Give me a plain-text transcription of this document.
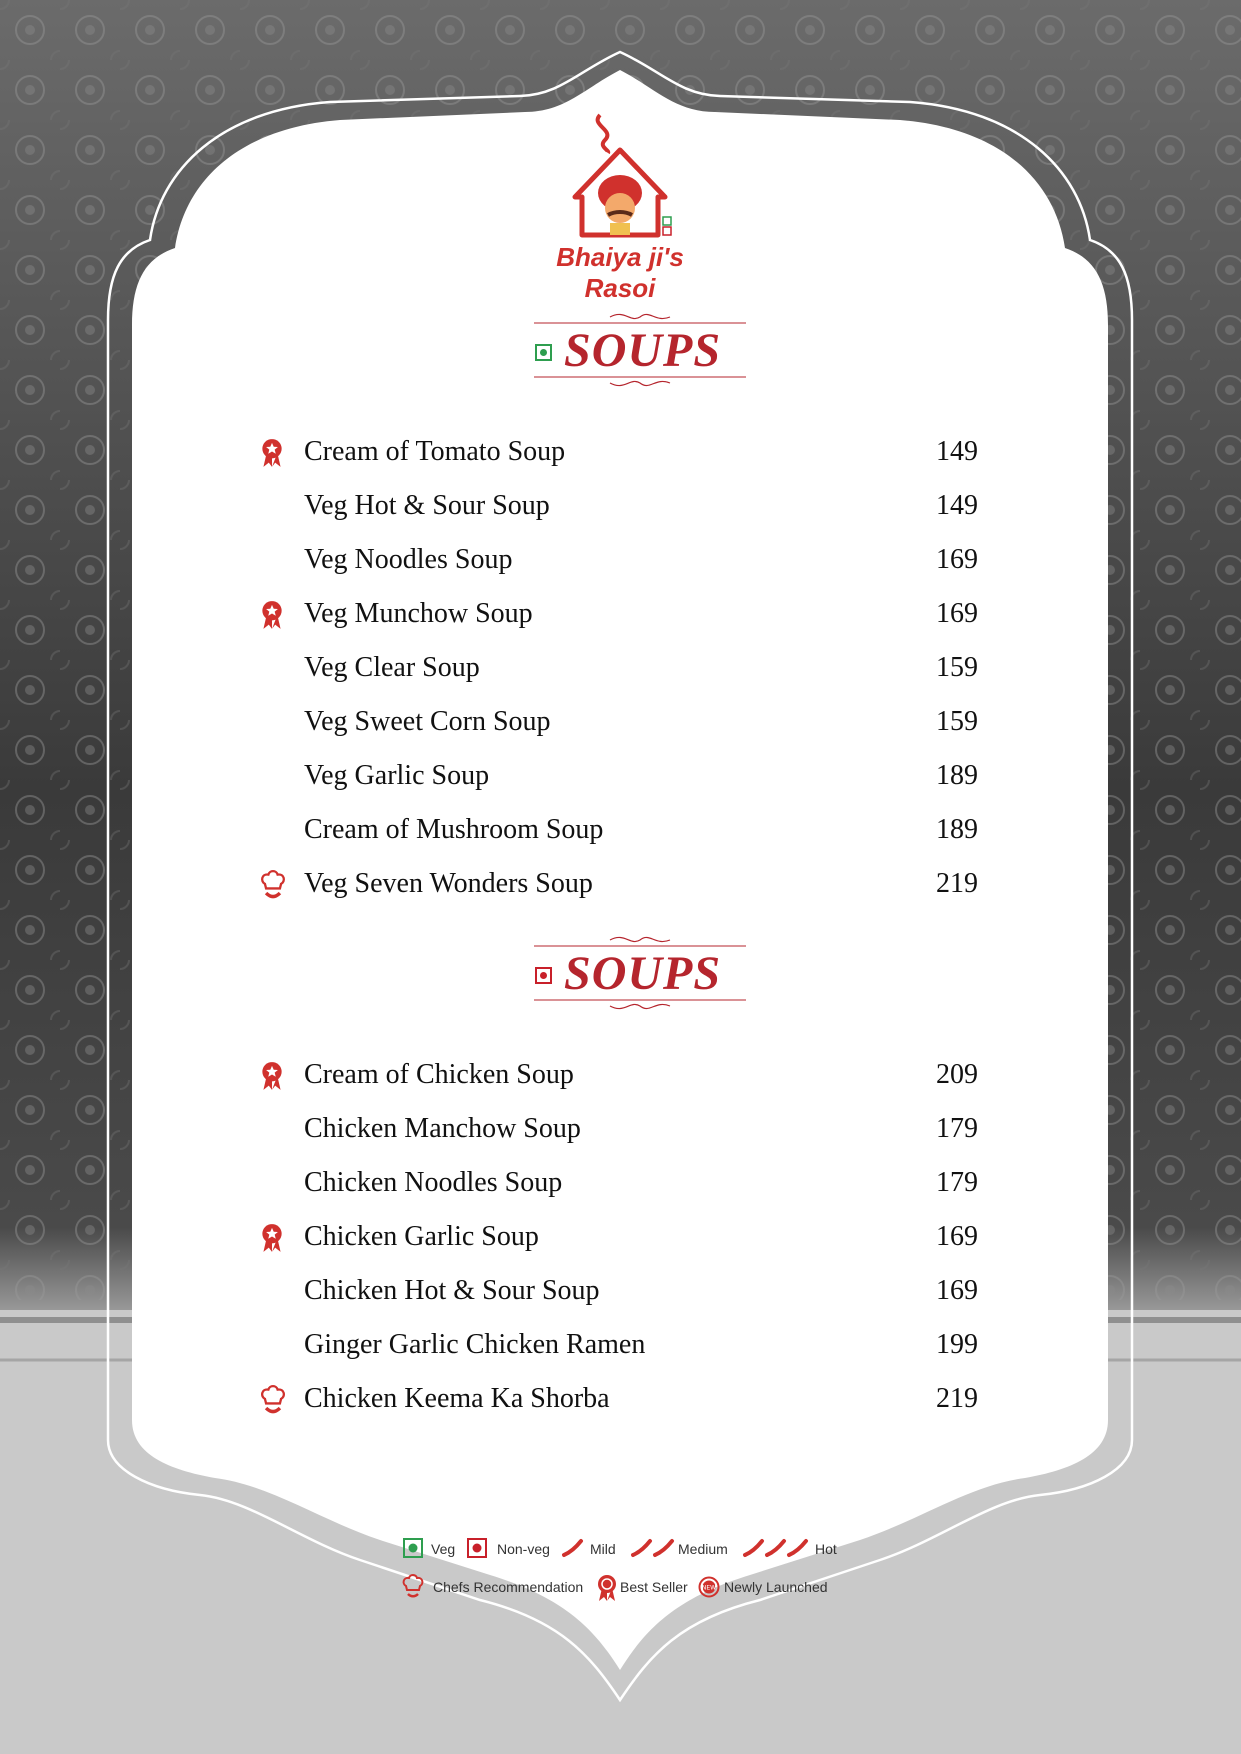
Bhaiya ji's Rasoi
SOUPS
Cream of Tomato Soup	149
Veg Hot & Sour Soup	149
Veg Noodles Soup	169
Veg Munchow Soup	169
Veg Clear Soup	159
Veg Sweet Corn Soup	159
Veg Garlic Soup	189
Cream of Mushroom Soup	189
Veg Seven Wonders Soup	219
SOUPS
Cream of Chicken Soup	209
Chicken Manchow Soup	179
Chicken Noodles Soup	179
Chicken Garlic Soup	169
Chicken Hot & Sour Soup	169
Ginger Garlic Chicken Ramen	199
Chicken Keema Ka Shorba	219
Veg	Non-veg	Mild	Medium	Hot
Chefs Recommendation	Best Seller NEW Newly Launched
